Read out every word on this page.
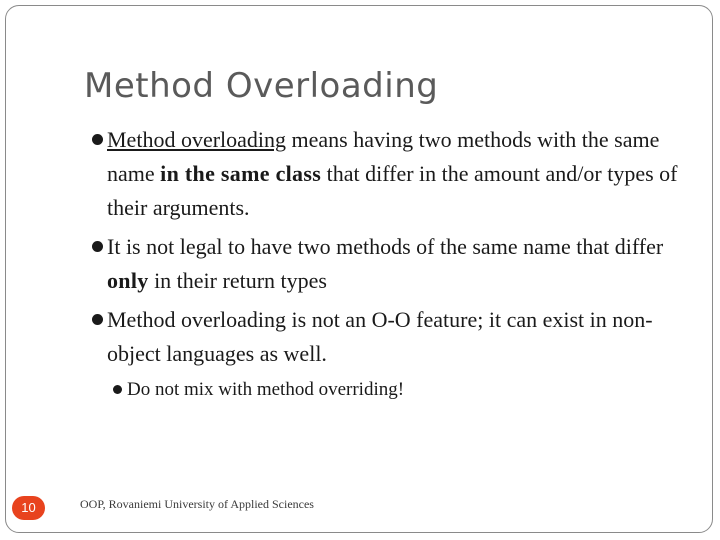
Method Overloading
Method overloading means having two methods with the same name in the same class that differ in the amount and/or types of their arguments.
It is not legal to have two methods of the same name that differ only in their return types
Method overloading is not an O-O feature; it can exist in non-object languages as well.
Do not mix with method overriding!
10	OOP, Rovaniemi University of Applied Sciences
